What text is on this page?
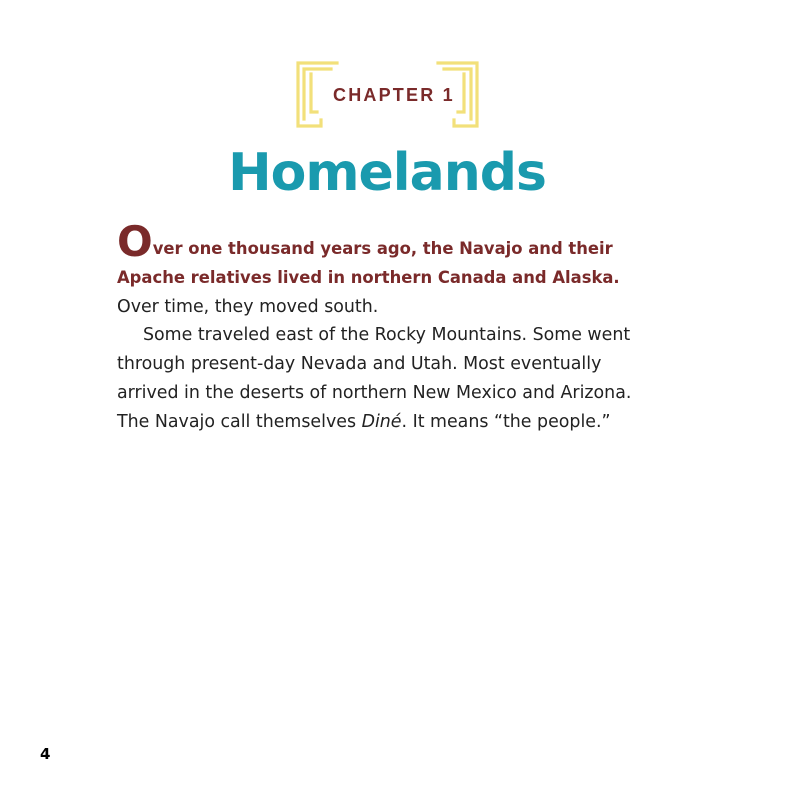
CHAPTER 1
Homelands

Over one thousand years ago, the Navajo and their Apache relatives lived in northern Canada and Alaska. Over time, they moved south.

Some traveled east of the Rocky Mountains. Some went through present-day Nevada and Utah. Most eventually arrived in the deserts of northern New Mexico and Arizona. The Navajo call themselves Diné. It means “the people.”

4
